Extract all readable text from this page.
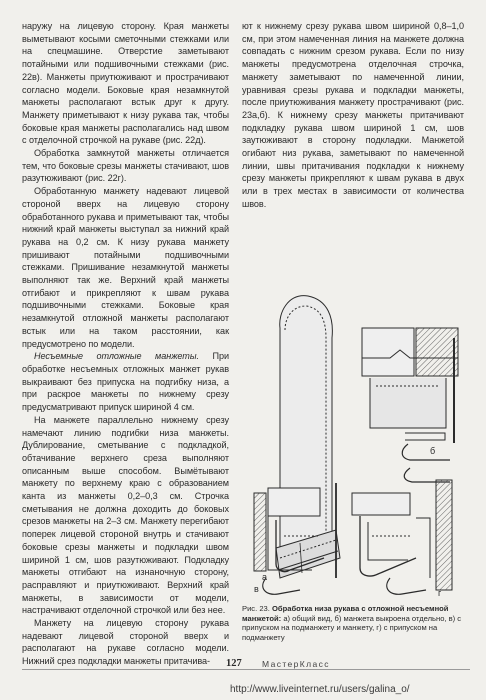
наружу на лицевую сторону. Края манжеты выметывают косыми сметочными стежками или на спецмашине. Отверстие заметывают потайными или подшивочными стежками (рис. 22в). Манжеты приутюживают и прострачивают согласно модели. Боковые края незамкнутой манжеты располагают встык друг к другу. Манжету приметывают к низу рукава так, чтобы боковые края манжеты располагались над швом с отделочной строчкой на рукаве (рис. 22д).

Обработка замкнутой манжеты отличается тем, что боковые срезы манжеты стачивают, шов разутюживают (рис. 22г).

Обработанную манжету надевают лицевой стороной вверх на лицевую сторону обработанного рукава и приметывают так, чтобы нижний край манжеты выступал за нижний край рукава на 0,2 см. К низу рукава манжету пришивают потайными подшивочными стежками. Пришивание незамкнутой манжеты выполняют так же. Верхний край манжеты отгибают и прикрепляют к швам рукава подшивочными стежками. Боковые края незамкнутой отложной манжеты располагают встык или на таком расстоянии, как предусмотрено по модели.

Несъемные отложные манжеты. При обработке несъемных отложных манжет рукав выкраивают без припуска на подгибку низа, а при раскрое манжеты по нижнему срезу предусматривают припуск шириной 4 см.

На манжете параллельно нижнему срезу намечают линию подгибки низа манжеты. Дублирование, сметывание с подкладкой, обтачивание верхнего среза выполняют описанным выше способом. Вымётывают манжету по верхнему краю с образованием канта из манжеты 0,2–0,3 см. Строчка сметывания не должна доходить до боковых срезов манжеты на 2–3 см. Манжету перегибают поперек лицевой стороной внутрь и стачивают боковые срезы манжеты и подкладки швом шириной 1 см, шов разутюживают. Подкладку манжеты отгибают на изнаночную сторону, расправляют и приутюживают. Верхний край манжеты, в зависимости от модели, настрачивают отделочной строчкой или без нее.

Манжету на лицевую сторону рукава надевают лицевой стороной вверх и располагают на рукаве согласно модели. Нижний срез подкладки манжеты притачива-

ют к нижнему срезу рукава швом шириной 0,8–1,0 см, при этом намеченная линия на манжете должна совпадать с нижним срезом рукава. Если по низу манжеты предусмотрена отделочная строчка, манжету заметывают по намеченной линии, уравнивая срезы рукава и подкладки манжеты, после приутюживания манжету прострачивают (рис. 23а,б). К нижнему срезу манжеты притачивают подкладку рукава швом шириной 1 см, шов заутюживают в сторону подкладки. Манжетой огибают низ рукава, заметывают по намеченной линии, швы притачивания подкладки к нижнему срезу манжеты прикрепляют к швам рукава в двух или в трех местах в зависимости от количества швов.

а
б
в	г
Рис. 23. Обработка низа рукава с отложной несъемной манжетой: а) общий вид, б) манжета выкроена отдельно, в) с припуском на подманжету и манжету, г) с припуском на подманжету
127 МастерКласс
http://www.liveinternet.ru/users/galina_o/
